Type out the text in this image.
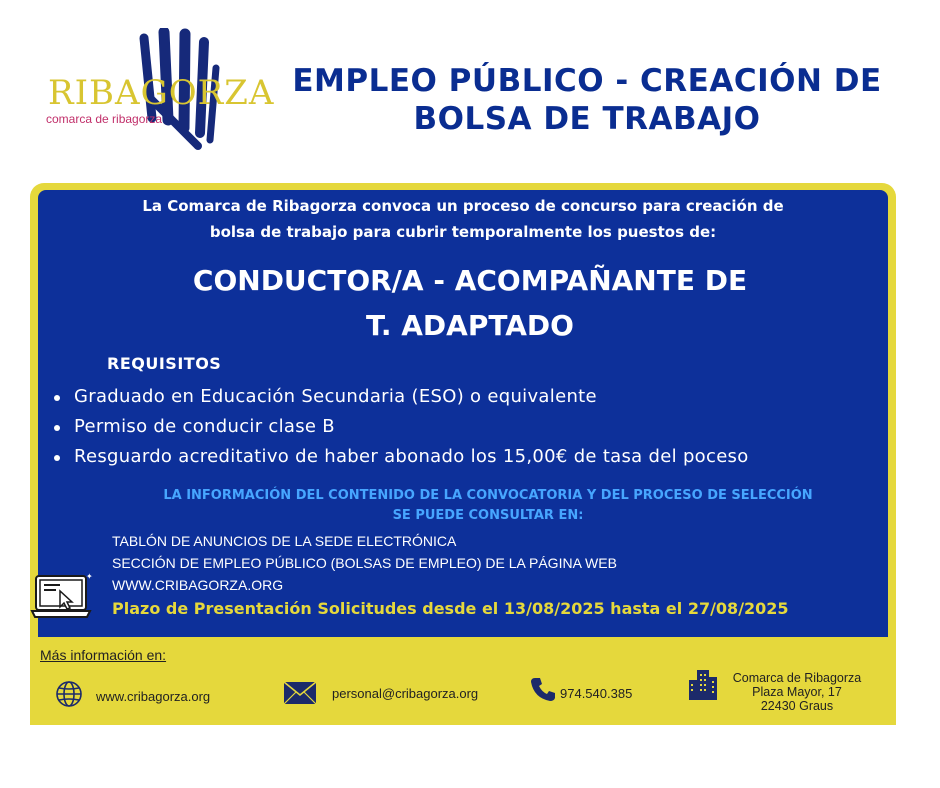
RIBAGORZA
comarca de ribagorza
EMPLEO PÚBLICO - CREACIÓN DE
BOLSA DE TRABAJO
La Comarca de Ribagorza convoca un proceso de concurso para creación de
bolsa de trabajo para cubrir temporalmente los puestos de:
CONDUCTOR/A - ACOMPAÑANTE DE
T. ADAPTADO
REQUISITOS
Graduado en Educación Secundaria (ESO) o equivalente
Permiso de conducir clase B
Resguardo acreditativo de haber abonado los 15,00€ de tasa del poceso
LA INFORMACIÓN DEL CONTENIDO DE LA CONVOCATORIA Y DEL PROCESO DE SELECCIÓN
SE PUEDE CONSULTAR EN:
TABLÓN DE ANUNCIOS DE LA SEDE ELECTRÓNICA
SECCIÓN DE EMPLEO PÚBLICO (BOLSAS DE EMPLEO) DE LA PÁGINA WEB
WWW.CRIBAGORZA.ORG
Plazo de Presentación Solicitudes desde el 13/08/2025 hasta el 27/08/2025
✦
Más información en:
www.cribagorza.org	personal@cribagorza.org	974.540.385
Comarca de Ribagorza
Plaza Mayor, 17
22430 Graus
